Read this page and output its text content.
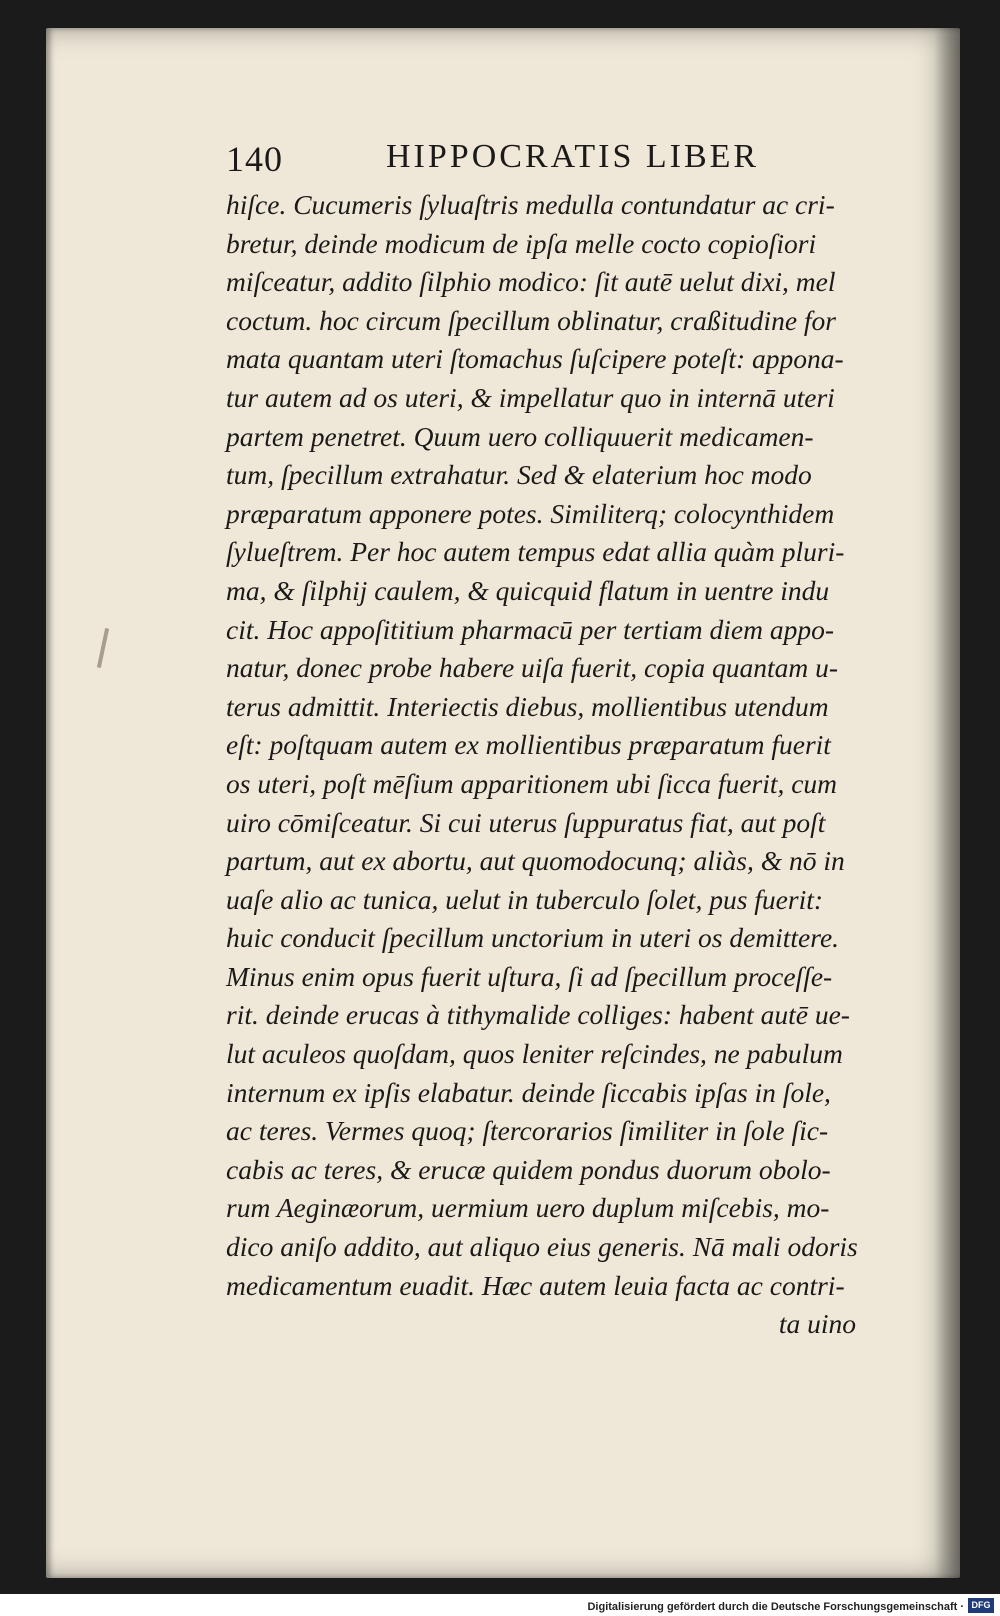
140	HIPPOCRATIS LIBER
hiſce. Cucumeris ſyluaſtris medulla contundatur ac cri-
bretur, deinde modicum de ipſa melle cocto copioſiori
miſceatur, addito ſilphio modico: ſit autē uelut dixi, mel
coctum. hoc circum ſpecillum oblinatur, craßitudine for
mata quantam uteri ſtomachus ſuſcipere poteſt: appona-
tur autem ad os uteri, & impellatur quo in internā uteri
partem penetret. Quum uero colliquuerit medicamen-
tum, ſpecillum extrahatur. Sed & elaterium hoc modo
præparatum apponere potes. Similiterq; colocynthidem
ſylueſtrem. Per hoc autem tempus edat allia quàm pluri-
ma, & ſilphij caulem, & quicquid flatum in uentre indu
cit. Hoc appoſititium pharmacū per tertiam diem appo-
natur, donec probe habere uiſa fuerit, copia quantam u-
terus admittit. Interiectis diebus, mollientibus utendum
eſt: poſtquam autem ex mollientibus præparatum fuerit
os uteri, poſt mēſium apparitionem ubi ſicca fuerit, cum
uiro cōmiſceatur. Si cui uterus ſuppuratus fiat, aut poſt
partum, aut ex abortu, aut quomodocunq; aliàs, & nō in
uaſe alio ac tunica, uelut in tuberculo ſolet, pus fuerit:
huic conducit ſpecillum unctorium in uteri os demittere.
Minus enim opus fuerit uſtura, ſi ad ſpecillum proceſſe-
rit. deinde erucas à tithymalide colliges: habent autē ue-
lut aculeos quoſdam, quos leniter reſcindes, ne pabulum
internum ex ipſis elabatur. deinde ſiccabis ipſas in ſole,
ac teres. Vermes quoq; ſtercorarios ſimiliter in ſole ſic-
cabis ac teres, & erucæ quidem pondus duorum obolo-
rum Aeginæorum, uermium uero duplum miſcebis, mo-
dico aniſo addito, aut aliquo eius generis. Nā mali odoris
medicamentum euadit. Hæc autem leuia facta ac contri-
ta uino
Digitalisierung gefördert durch die Deutsche Forschungsgemeinschaft · DFG
